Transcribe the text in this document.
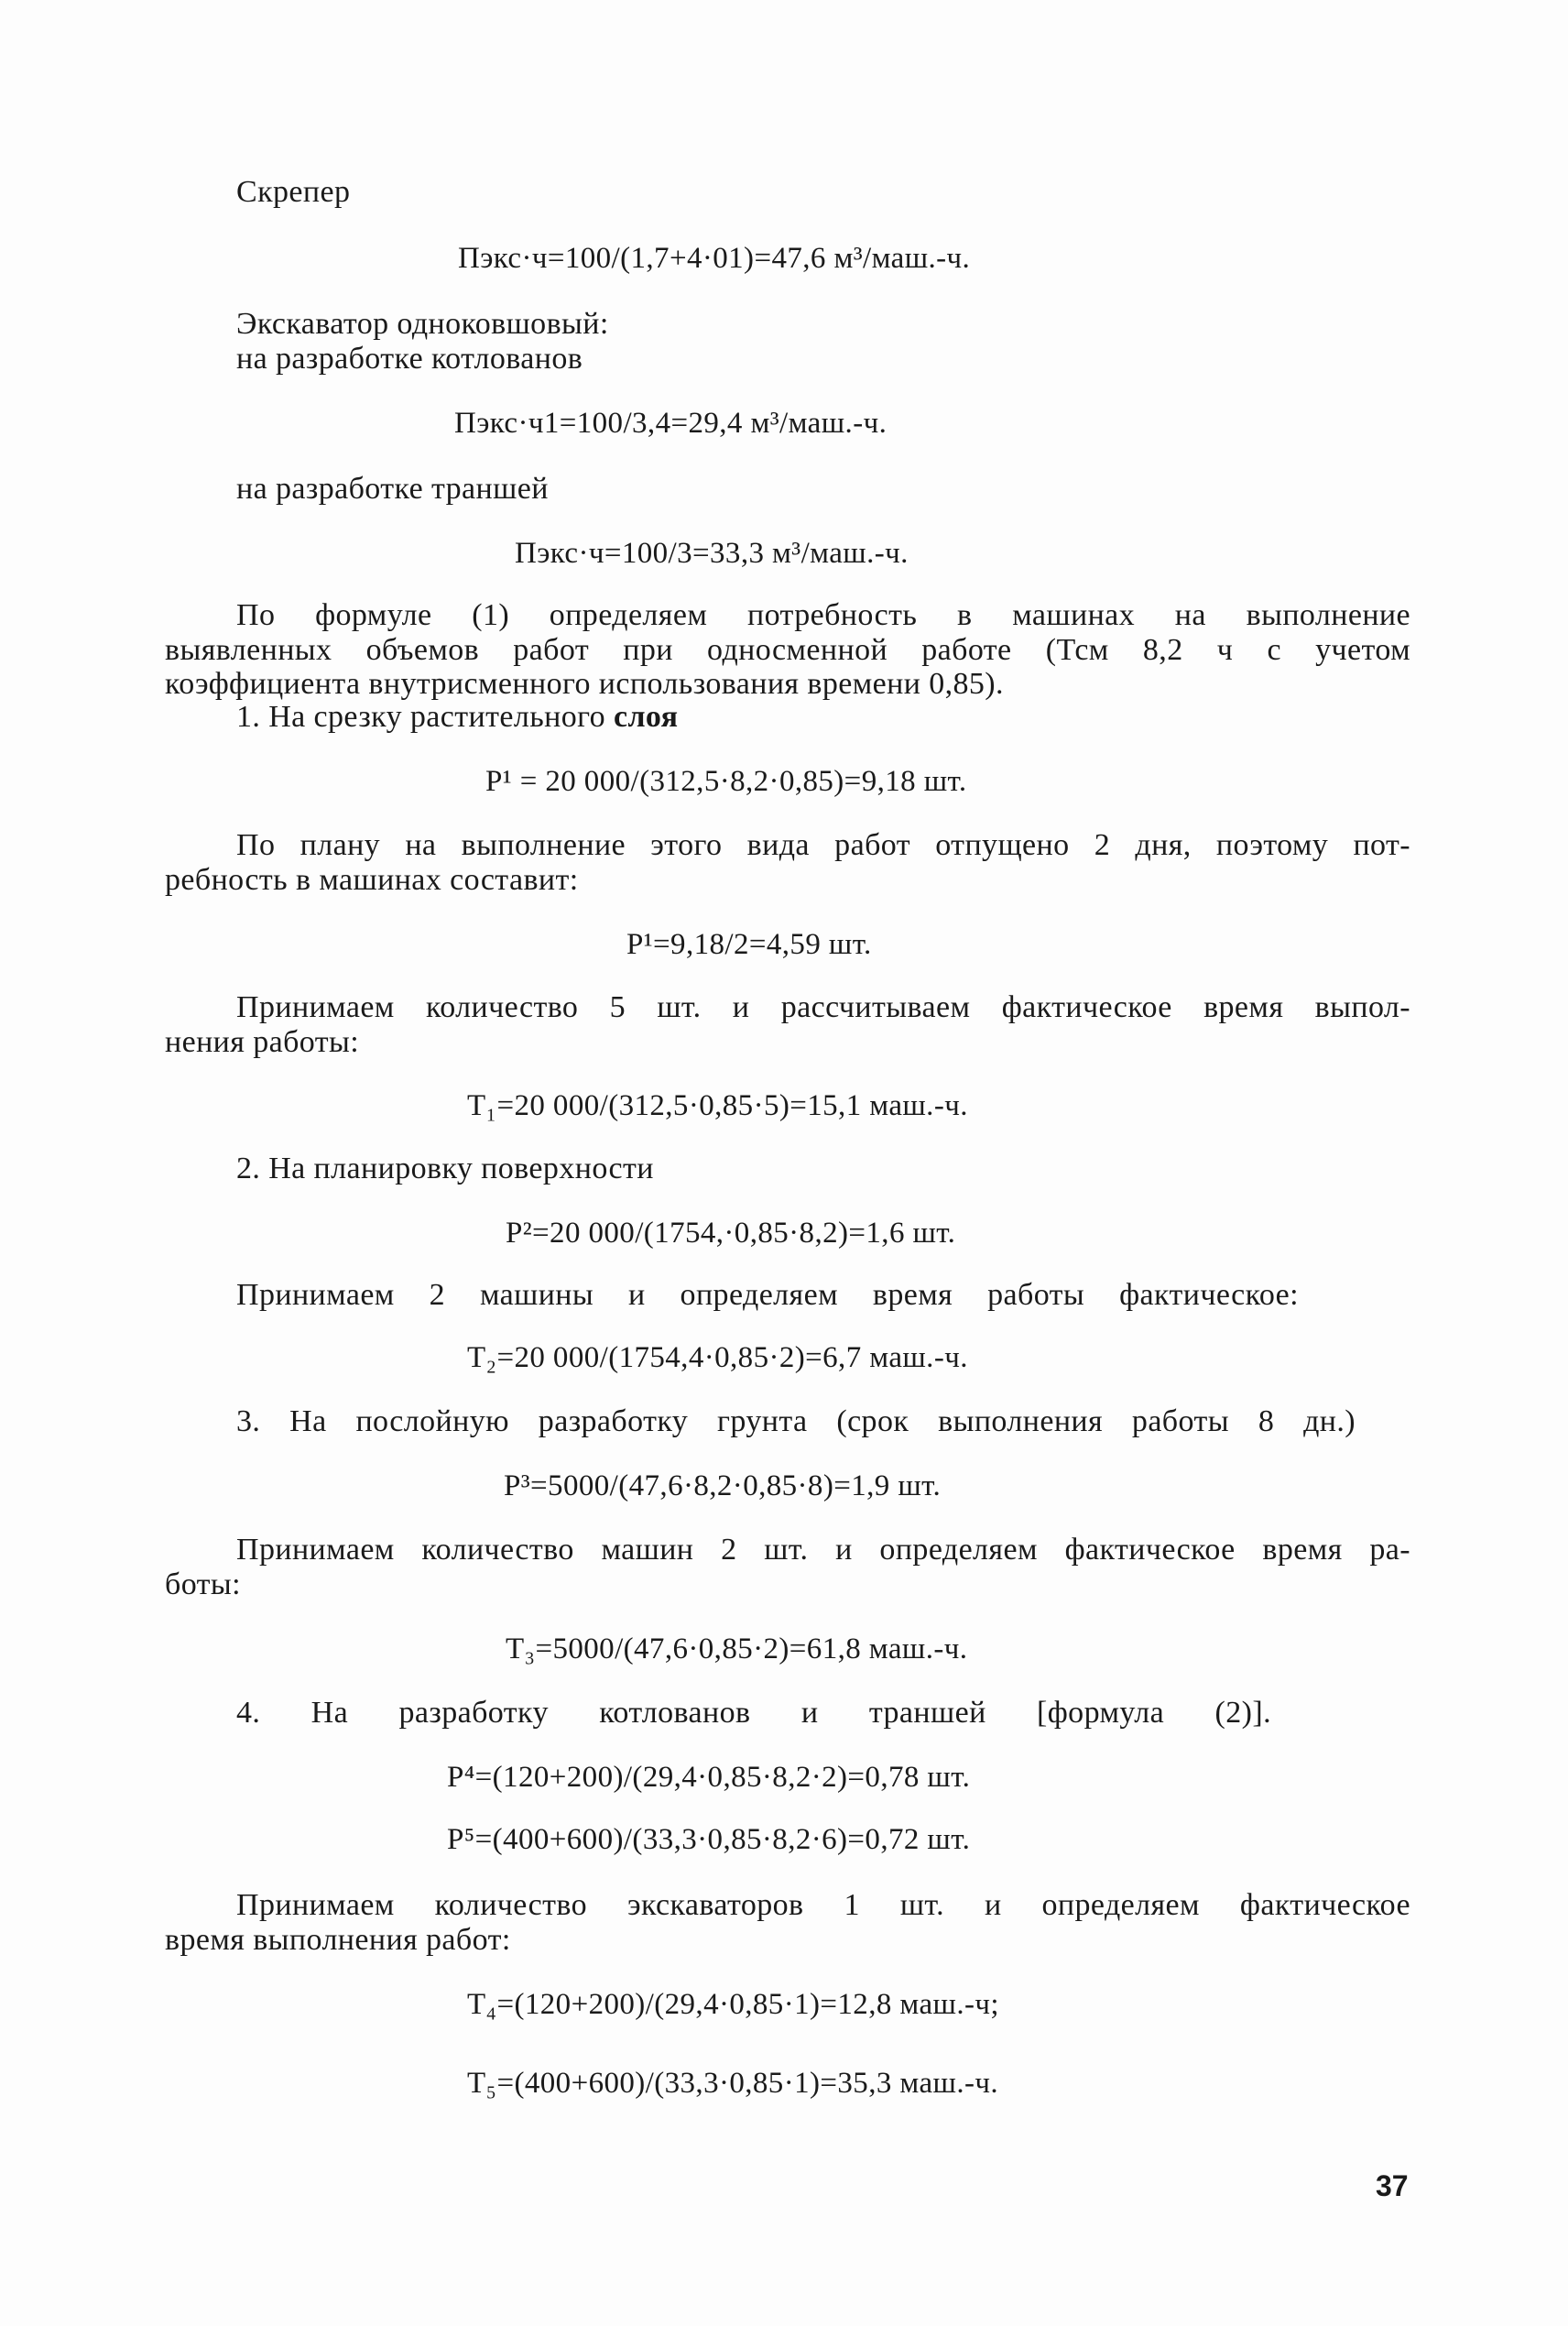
Скрепер
Пэкс·ч=100/(1,7+4·01)=47,6 м³/маш.-ч.
Экскаватор одноковшовый:
на разработке котлованов
Пэкс·ч1=100/3,4=29,4 м³/маш.-ч.
на разработке траншей
Пэкс·ч=100/3=33,3 м³/маш.-ч.
По формуле (1) определяем потребность в машинах на выполнение
выявленных объемов работ при односменной работе (Тсм 8,2 ч с учетом
коэффициента внутрисменного использования времени 0,85).
1. На срезку растительного слоя
P¹ = 20 000/(312,5·8,2·0,85)=9,18 шт.
По плану на выполнение этого вида работ отпущено 2 дня, поэтому пот-
ребность в машинах составит:
P¹=9,18/2=4,59 шт.
Принимаем количество 5 шт. и рассчитываем фактическое время выпол-
нения работы:
T₁=20 000/(312,5·0,85·5)=15,1 маш.-ч.
2. На планировку поверхности
P²=20 000/(1754,·0,85·8,2)=1,6 шт.
Принимаем 2 машины и определяем время работы фактическое:
T₂=20 000/(1754,4·0,85·2)=6,7 маш.-ч.
3. На послойную разработку грунта (срок выполнения работы 8 дн.)
P³=5000/(47,6·8,2·0,85·8)=1,9 шт.
Принимаем количество машин 2 шт. и определяем фактическое время ра-
боты:
T₃=5000/(47,6·0,85·2)=61,8 маш.-ч.
4. На разработку котлованов и траншей [формула (2)].
P⁴=(120+200)/(29,4·0,85·8,2·2)=0,78 шт.
P⁵=(400+600)/(33,3·0,85·8,2·6)=0,72 шт.
Принимаем количество экскаваторов 1 шт. и определяем фактическое
время выполнения работ:
T₄=(120+200)/(29,4·0,85·1)=12,8 маш.-ч;
T₅=(400+600)/(33,3·0,85·1)=35,3 маш.-ч.
37
